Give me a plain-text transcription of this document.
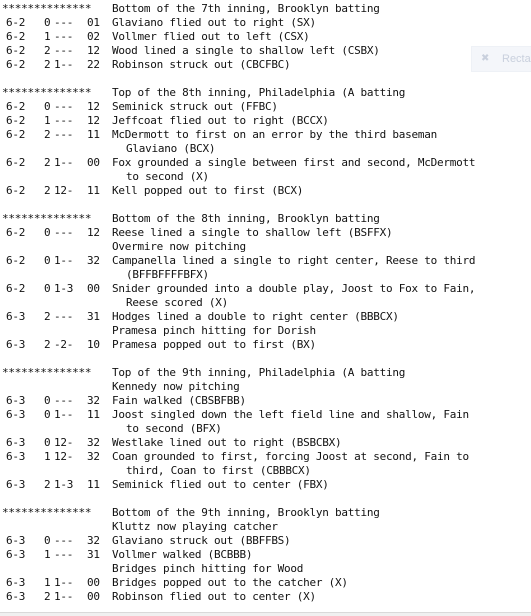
************** Bottom of the 7th inning, Brooklyn batting
6-2 0 --- 01 Glaviano flied out to right (SX)
6-2 1 --- 02 Vollmer flied out to left (CSX)
6-2 2 --- 12 Wood lined a single to shallow left (CSBX)
6-2 2 1-- 22 Robinson struck out (CBCFBC)
************** Top of the 8th inning, Philadelphia (A batting
6-2 0 --- 12 Seminick struck out (FFBC)
6-2 1 --- 12 Jeffcoat flied out to right (BCCX)
6-2 2 --- 11 McDermott to first on an error by the third baseman
Glaviano (BCX)
6-2 2 1-- 00 Fox grounded a single between first and second, McDermott
to second (X)
6-2 2 12- 11 Kell popped out to first (BCX)
************** Bottom of the 8th inning, Brooklyn batting
6-2 0 --- 12 Reese lined a single to shallow left (BSFFX)
Overmire now pitching
6-2 0 1-- 32 Campanella lined a single to right center, Reese to third
(BFFBFFFFBFX)
6-2 0 1-3 00 Snider grounded into a double play, Joost to Fox to Fain,
Reese scored (X)
6-3 2 --- 31 Hodges lined a double to right center (BBBCX)
Pramesa pinch hitting for Dorish
6-3 2 -2- 10 Pramesa popped out to first (BX)
************** Top of the 9th inning, Philadelphia (A batting
Kennedy now pitching
6-3 0 --- 32 Fain walked (CBSBFBB)
6-3 0 1-- 11 Joost singled down the left field line and shallow, Fain
to second (BFX)
6-3 0 12- 32 Westlake lined out to right (BSBCBX)
6-3 1 12- 32 Coan grounded to first, forcing Joost at second, Fain to
third, Coan to first (CBBBCX)
6-3 2 1-3 11 Seminick flied out to center (FBX)
************** Bottom of the 9th inning, Brooklyn batting
Kluttz now playing catcher
6-3 0 --- 32 Glaviano struck out (BBFFBS)
6-3 1 --- 31 Vollmer walked (BCBBB)
Bridges pinch hitting for Wood
6-3 1 1-- 00 Bridges popped out to the catcher (X)
6-3 2 1-- 00 Robinson flied out to center (X)
✖ Recta
